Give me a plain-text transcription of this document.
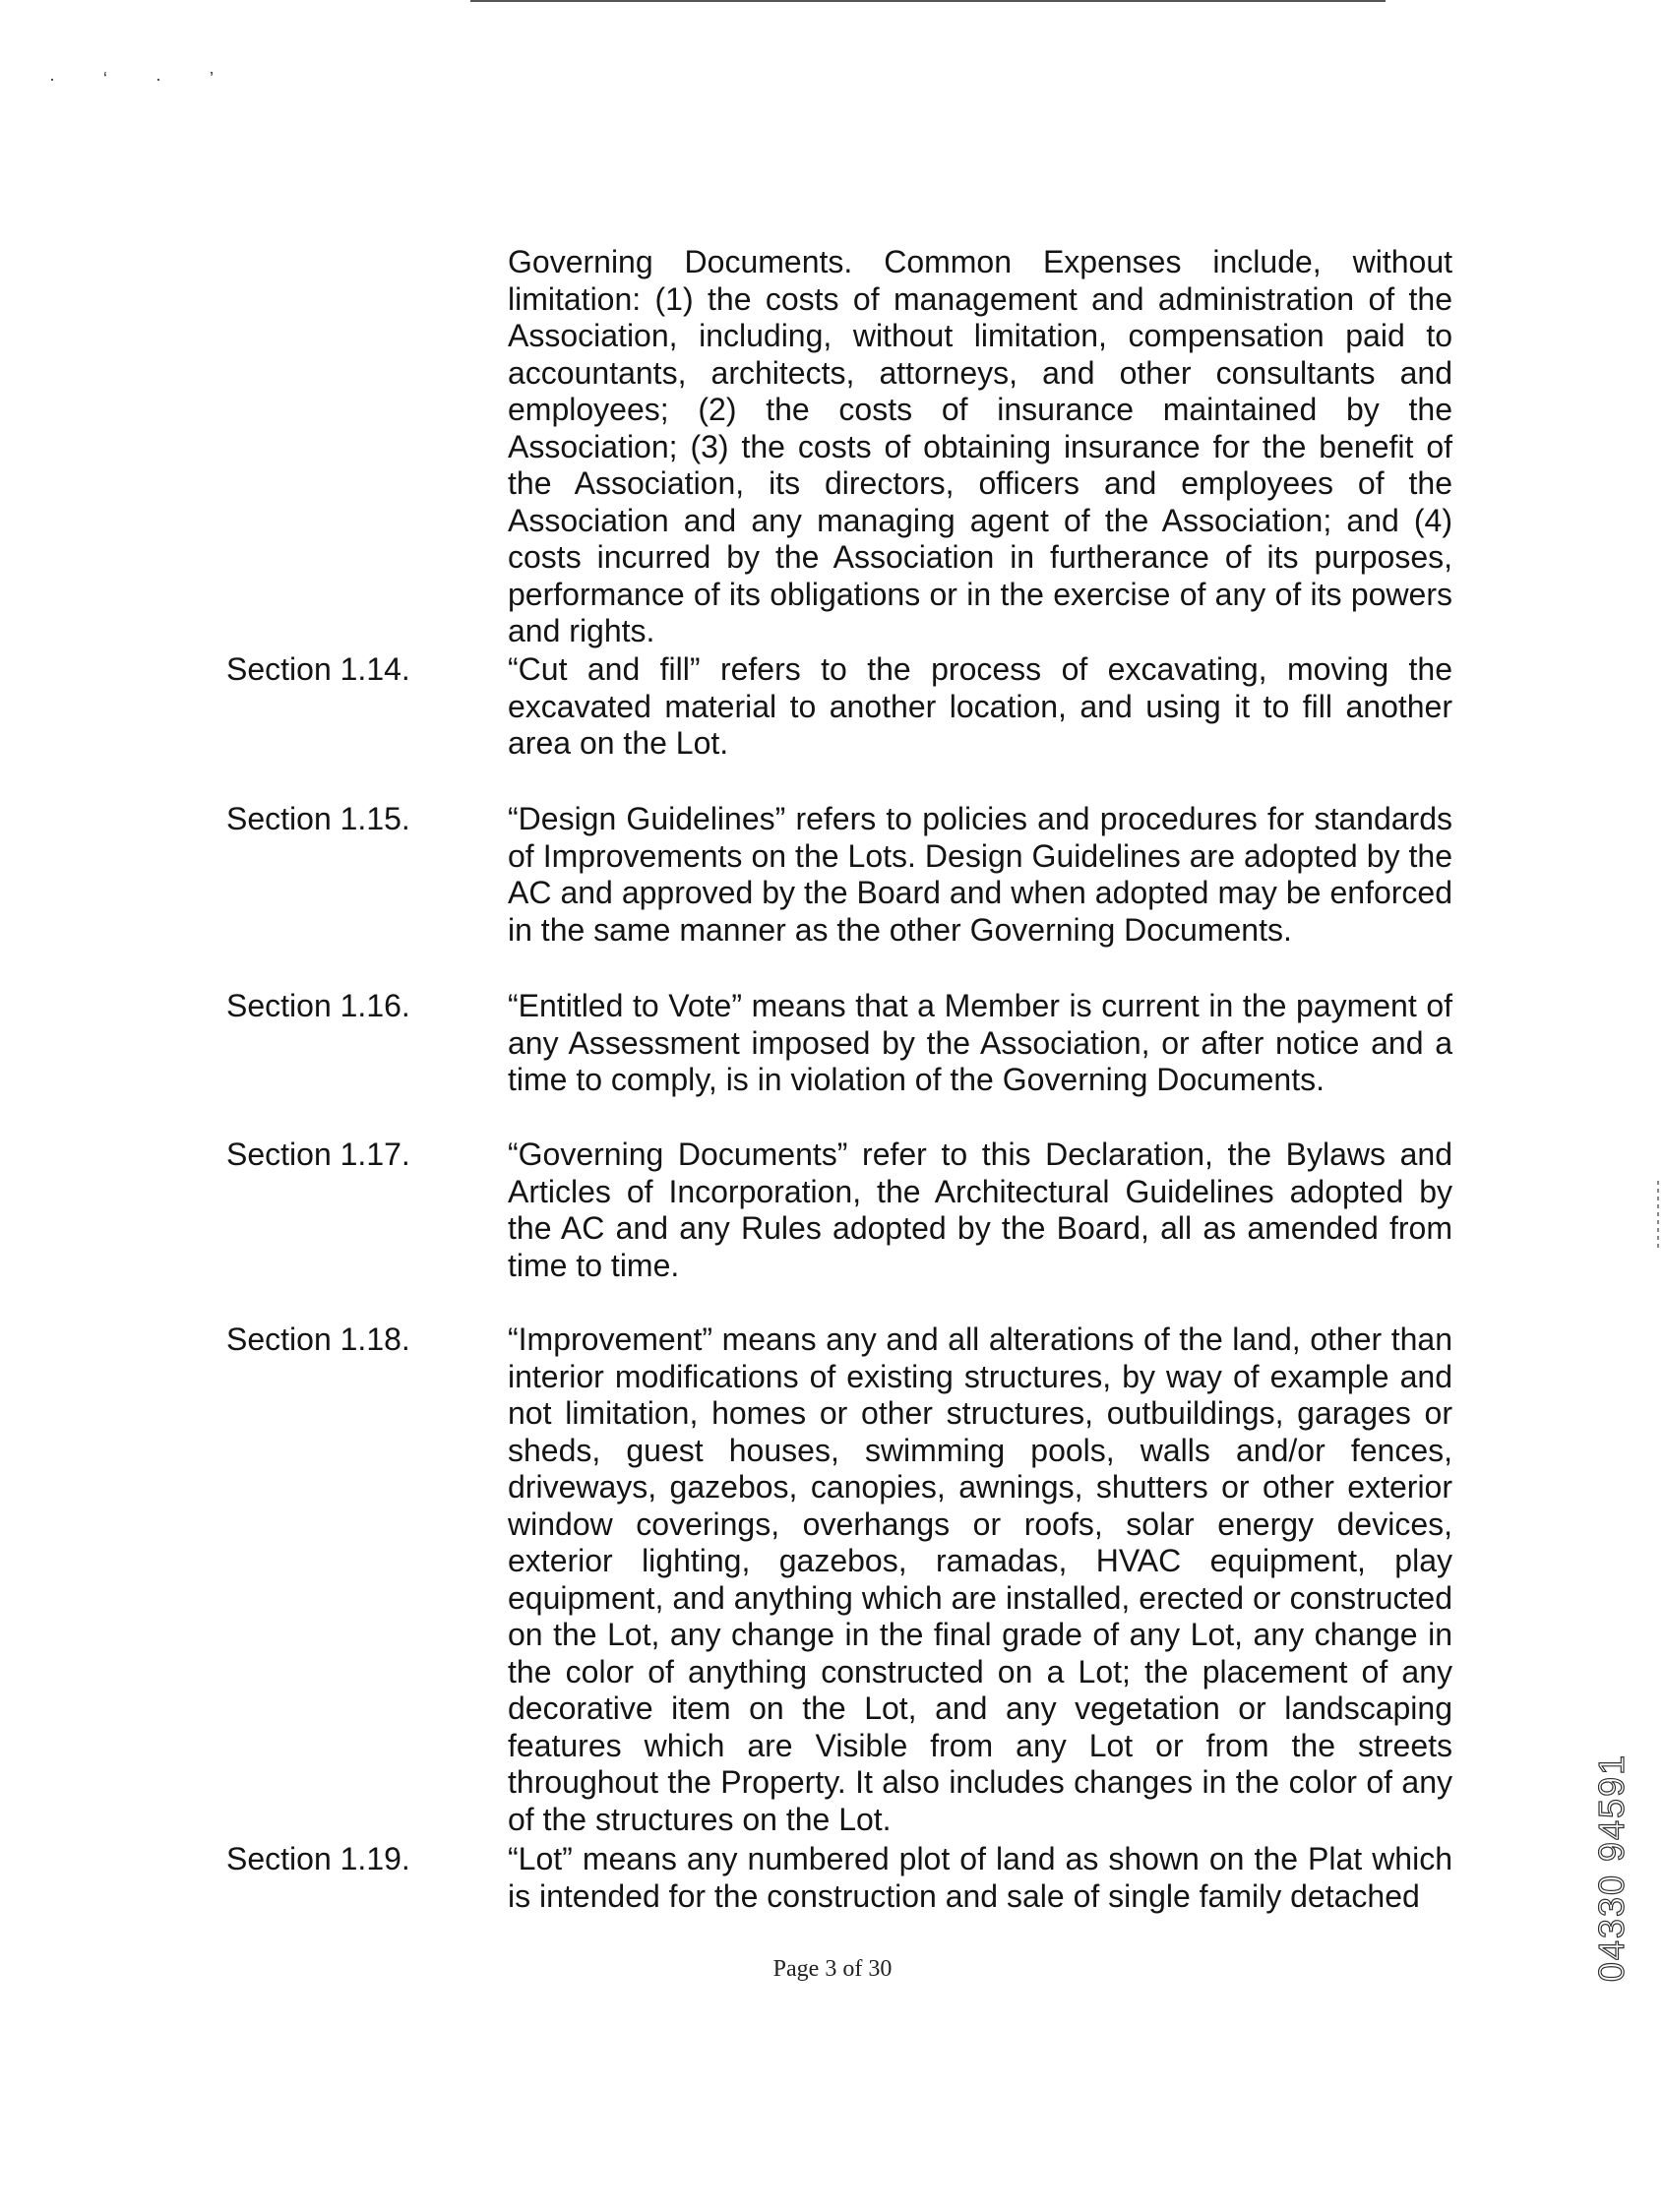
· ‘ · ’
Governing Documents. Common Expenses include, without limitation: (1) the costs of management and administration of the Association, including, without limitation, compensation paid to accountants, architects, attorneys, and other consultants and employees; (2) the costs of insurance maintained by the Association; (3) the costs of obtaining insurance for the benefit of the Association, its directors, officers and employees of the Association and any managing agent of the Association; and (4) costs incurred by the Association in furtherance of its purposes, performance of its obligations or in the exercise of any of its powers and rights.
Section 1.14.	“Cut and fill” refers to the process of excavating, moving the excavated material to another location, and using it to fill another area on the Lot.
Section 1.15.	“Design Guidelines” refers to policies and procedures for standards of Improvements on the Lots. Design Guidelines are adopted by the AC and approved by the Board and when adopted may be enforced in the same manner as the other Governing Documents.
Section 1.16.	“Entitled to Vote” means that a Member is current in the payment of any Assessment imposed by the Association, or after notice and a time to comply, is in violation of the Governing Documents.
Section 1.17.	“Governing Documents” refer to this Declaration, the Bylaws and Articles of Incorporation, the Architectural Guidelines adopted by the AC and any Rules adopted by the Board, all as amended from time to time.
Section 1.18.	“Improvement” means any and all alterations of the land, other than interior modifications of existing structures, by way of example and not limitation, homes or other structures, outbuildings, garages or sheds, guest houses, swimming pools, walls and/or fences, driveways, gazebos, canopies, awnings, shutters or other exterior window coverings, overhangs or roofs, solar energy devices, exterior lighting, gazebos, ramadas, HVAC equipment, play equipment, and anything which are installed, erected or constructed on the Lot, any change in the final grade of any Lot, any change in the color of anything constructed on a Lot; the placement of any decorative item on the Lot, and any vegetation or landscaping features which are Visible from any Lot or from the streets throughout the Property. It also includes changes in the color of any of the structures on the Lot.
Section 1.19.	“Lot” means any numbered plot of land as shown on the Plat which is intended for the construction and sale of single family detached
Page 3 of 30	04330 94591
